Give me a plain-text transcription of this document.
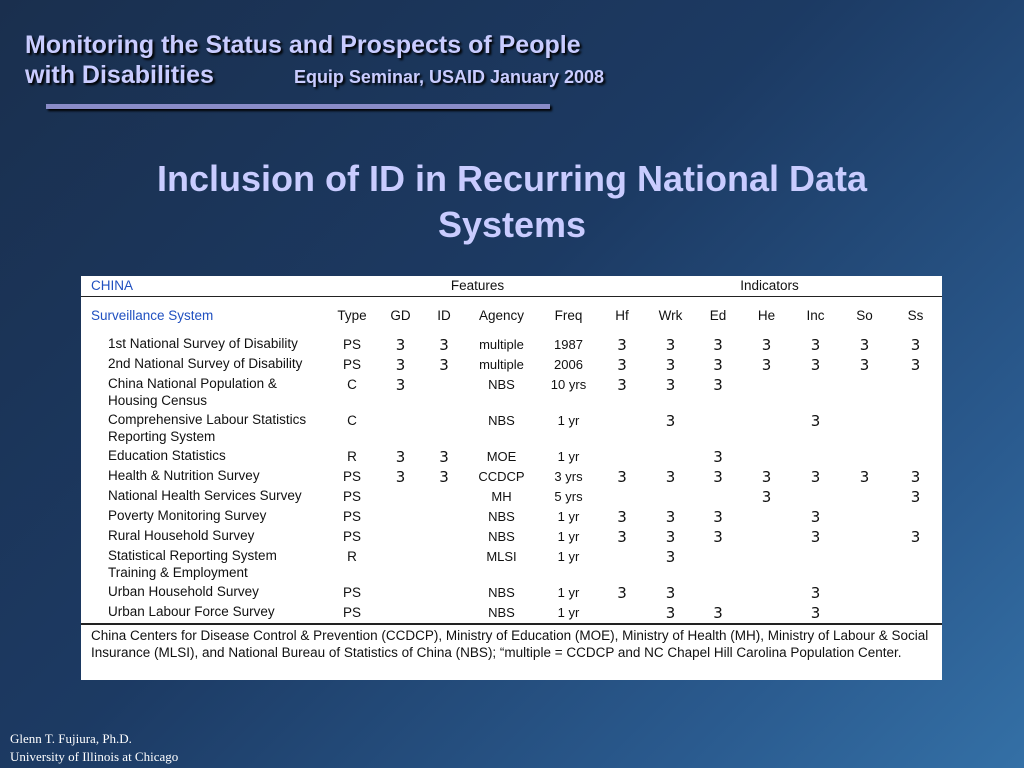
Monitoring the Status and Prospects of People
with Disabilities	Equip Seminar, USAID January 2008
Inclusion of ID in Recurring National Data Systems
CHINA	Features					Indicators						
Surveillance System	Type	GD	ID	Agency	Freq	Hf	Wrk	Ed	He	Inc	So	Ss
1st National Survey of Disability	PS	3	3	multiple	1987	3	3	3	3	3	3	3
2nd National Survey of Disability	PS	3	3	multiple	2006	3	3	3	3	3	3	3
China National Population & Housing Census	C	3		NBS	10 yrs	3	3	3				
Comprehensive Labour Statistics Reporting System	C			NBS	1 yr		3			3		
Education Statistics	R	3	3	MOE	1 yr			3				
Health & Nutrition Survey	PS	3	3	CCDCP	3 yrs	3	3	3	3	3	3	3
National Health Services Survey	PS			MH	5 yrs				3			3
Poverty Monitoring Survey	PS			NBS	1 yr	3	3	3		3		
Rural Household Survey	PS			NBS	1 yr	3	3	3		3		3
Statistical Reporting System Training & Employment	R			MLSI	1 yr		3					
Urban Household Survey	PS			NBS	1 yr	3	3			3		
Urban Labour Force Survey	PS			NBS	1 yr		3	3		3		
China Centers for Disease Control & Prevention (CCDCP), Ministry of Education (MOE), Ministry of Health (MH), Ministry of Labour & Social Insurance (MLSI), and National Bureau of Statistics of China (NBS); “multiple = CCDCP and NC Chapel Hill Carolina Population Center.												
Glenn T. Fujiura, Ph.D.
University of Illinois at Chicago
